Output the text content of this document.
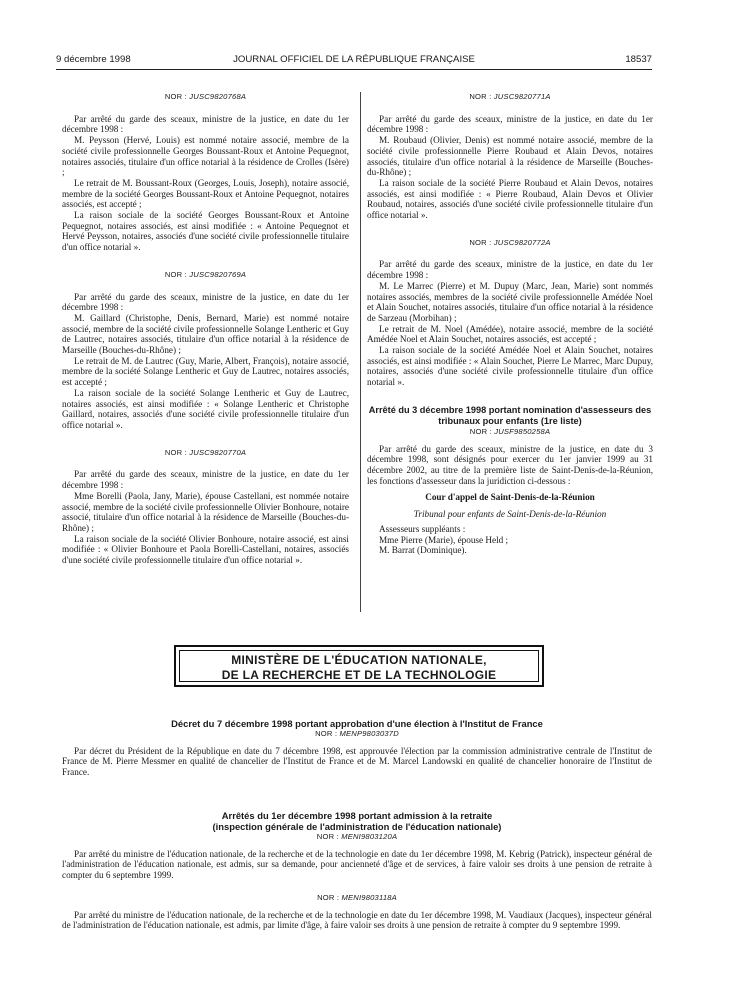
9 décembre 1998	JOURNAL OFFICIEL DE LA RÉPUBLIQUE FRANÇAISE	18537

NOR : JUSC9820768A

Par arrêté du garde des sceaux, ministre de la justice, en date du 1er décembre 1998 :

M. Peysson (Hervé, Louis) est nommé notaire associé, membre de la société civile professionnelle Georges Boussant-Roux et Antoine Pequegnot, notaires associés, titulaire d'un office notarial à la résidence de Crolles (Isère) ;

Le retrait de M. Boussant-Roux (Georges, Louis, Joseph), notaire associé, membre de la société Georges Boussant-Roux et Antoine Pequegnot, notaires associés, est accepté ;

La raison sociale de la société Georges Boussant-Roux et Antoine Pequegnot, notaires associés, est ainsi modifiée : « Antoine Pequegnot et Hervé Peysson, notaires, associés d'une société civile professionnelle titulaire d'un office notarial ».

NOR : JUSC9820769A

Par arrêté du garde des sceaux, ministre de la justice, en date du 1er décembre 1998 :

M. Gaillard (Christophe, Denis, Bernard, Marie) est nommé notaire associé, membre de la société civile professionnelle Solange Lentheric et Guy de Lautrec, notaires associés, titulaire d'un office notarial à la résidence de Marseille (Bouches-du-Rhône) ;

Le retrait de M. de Lautrec (Guy, Marie, Albert, François), notaire associé, membre de la société Solange Lentheric et Guy de Lautrec, notaires associés, est accepté ;

La raison sociale de la société Solange Lentheric et Guy de Lautrec, notaires associés, est ainsi modifiée : « Solange Lentheric et Christophe Gaillard, notaires, associés d'une société civile professionnelle titulaire d'un office notarial ».

NOR : JUSC9820770A

Par arrêté du garde des sceaux, ministre de la justice, en date du 1er décembre 1998 :

Mme Borelli (Paola, Jany, Marie), épouse Castellani, est nommée notaire associé, membre de la société civile professionnelle Olivier Bonhoure, notaire associé, titulaire d'un office notarial à la résidence de Marseille (Bouches-du-Rhône) ;

La raison sociale de la société Olivier Bonhoure, notaire associé, est ainsi modifiée : « Olivier Bonhoure et Paola Borelli-Castellani, notaires, associés d'une société civile professionnelle titulaire d'un office notarial ».

NOR : JUSC9820771A

Par arrêté du garde des sceaux, ministre de la justice, en date du 1er décembre 1998 :

M. Roubaud (Olivier, Denis) est nommé notaire associé, membre de la société civile professionnelle Pierre Roubaud et Alain Devos, notaires associés, titulaire d'un office notarial à la résidence de Marseille (Bouches-du-Rhône) ;

La raison sociale de la société Pierre Roubaud et Alain Devos, notaires associés, est ainsi modifiée : « Pierre Roubaud, Alain Devos et Olivier Roubaud, notaires, associés d'une société civile professionnelle titulaire d'un office notarial ».

NOR : JUSC9820772A

Par arrêté du garde des sceaux, ministre de la justice, en date du 1er décembre 1998 :

M. Le Marrec (Pierre) et M. Dupuy (Marc, Jean, Marie) sont nommés notaires associés, membres de la société civile professionnelle Amédée Noel et Alain Souchet, notaires associés, titulaire d'un office notarial à la résidence de Sarzeau (Morbihan) ;

Le retrait de M. Noel (Amédée), notaire associé, membre de la société Amédée Noel et Alain Souchet, notaires associés, est accepté ;

La raison sociale de la société Amédée Noel et Alain Souchet, notaires associés, est ainsi modifiée : « Alain Souchet, Pierre Le Marrec, Marc Dupuy, notaires, associés d'une société civile professionnelle titulaire d'un office notarial ».

Arrêté du 3 décembre 1998 portant nomination d'assesseurs des tribunaux pour enfants (1re liste)

NOR : JUSF9850258A

Par arrêté du garde des sceaux, ministre de la justice, en date du 3 décembre 1998, sont désignés pour exercer du 1er janvier 1999 au 31 décembre 2002, au titre de la première liste de Saint-Denis-de-la-Réunion, les fonctions d'assesseur dans la juridiction ci-dessous :

Cour d'appel de Saint-Denis-de-la-Réunion

Tribunal pour enfants de Saint-Denis-de-la-Réunion

Assesseurs suppléants :

Mme Pierre (Marie), épouse Held ;

M. Barrat (Dominique).

MINISTÈRE DE L'ÉDUCATION NATIONALE,
DE LA RECHERCHE ET DE LA TECHNOLOGIE

Décret du 7 décembre 1998 portant approbation d'une élection à l'Institut de France

NOR : MENP9803037D

Par décret du Président de la République en date du 7 décembre 1998, est approuvée l'élection par la commission administrative centrale de l'Institut de France de M. Pierre Messmer en qualité de chancelier de l'Institut de France et de M. Marcel Landowski en qualité de chancelier honoraire de l'Institut de France.

Arrêtés du 1er décembre 1998 portant admission à la retraite

(inspection générale de l'administration de l'éducation nationale)

NOR : MENI9803120A

Par arrêté du ministre de l'éducation nationale, de la recherche et de la technologie en date du 1er décembre 1998, M. Kebrig (Patrick), inspecteur général de l'administration de l'éducation nationale, est admis, sur sa demande, pour ancienneté d'âge et de services, à faire valoir ses droits à une pension de retraite à compter du 6 septembre 1999.

NOR : MENI9803118A

Par arrêté du ministre de l'éducation nationale, de la recherche et de la technologie en date du 1er décembre 1998, M. Vaudiaux (Jacques), inspecteur général de l'administration de l'éducation nationale, est admis, par limite d'âge, à faire valoir ses droits à une pension de retraite à compter du 9 septembre 1999.
